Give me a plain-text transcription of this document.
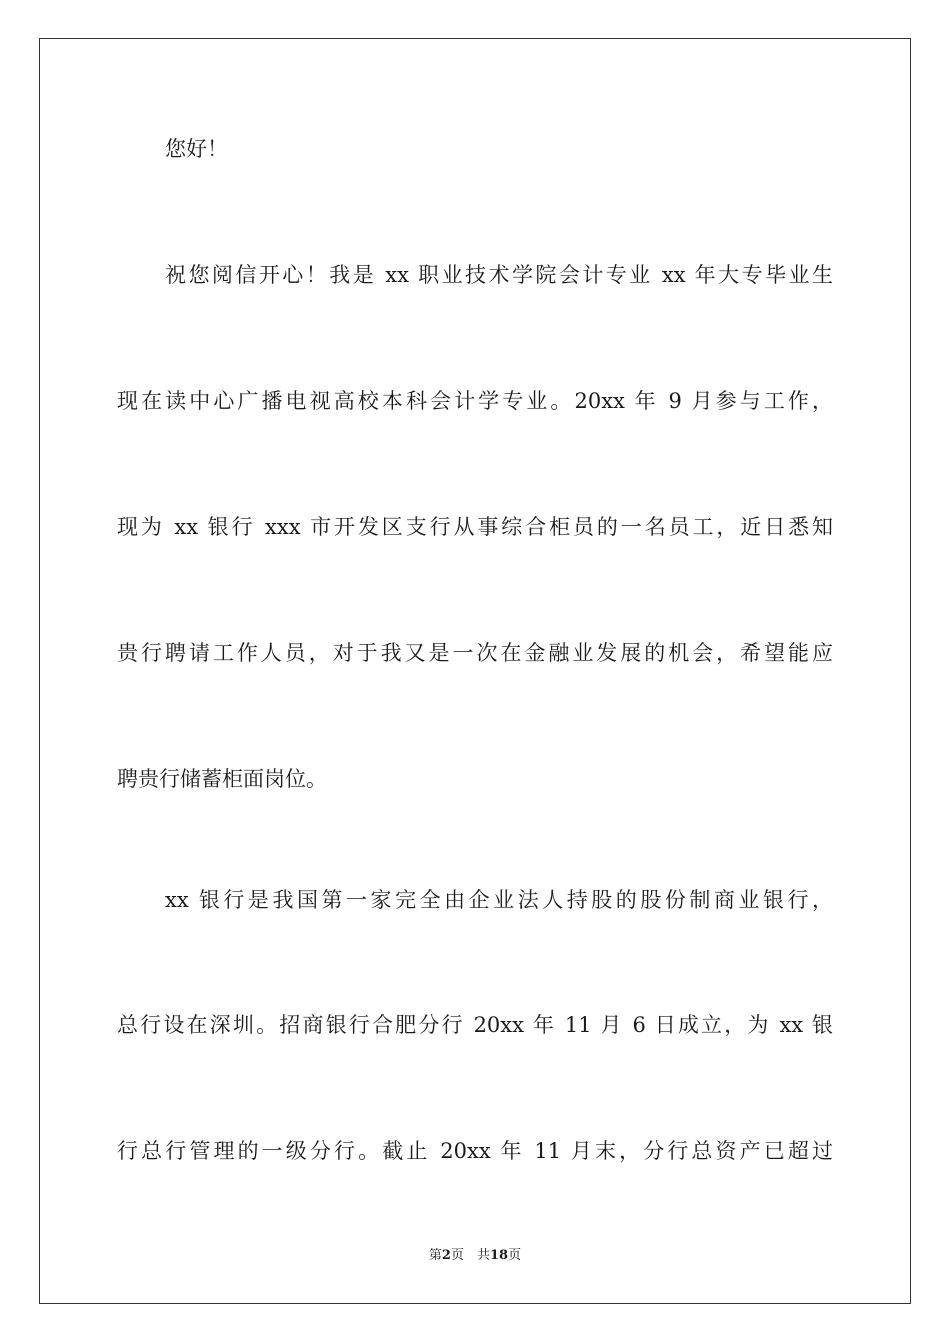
您好！

祝您阅信开心！我是 xx 职业技术学院会计专业 xx 年大专毕业生

现在读中心广播电视高校本科会计学专业。20xx 年 9 月参与工作，

现为 xx 银行 xxx 市开发区支行从事综合柜员的一名员工，近日悉知

贵行聘请工作人员，对于我又是一次在金融业发展的机会，希望能应

聘贵行储蓄柜面岗位。

xx 银行是我国第一家完全由企业法人持股的股份制商业银行，

总行设在深圳。招商银行合肥分行 20xx 年 11 月 6 日成立，为 xx 银

行总行管理的一级分行。截止 20xx 年 11 月末，分行总资产已超过

第2页　共18页
